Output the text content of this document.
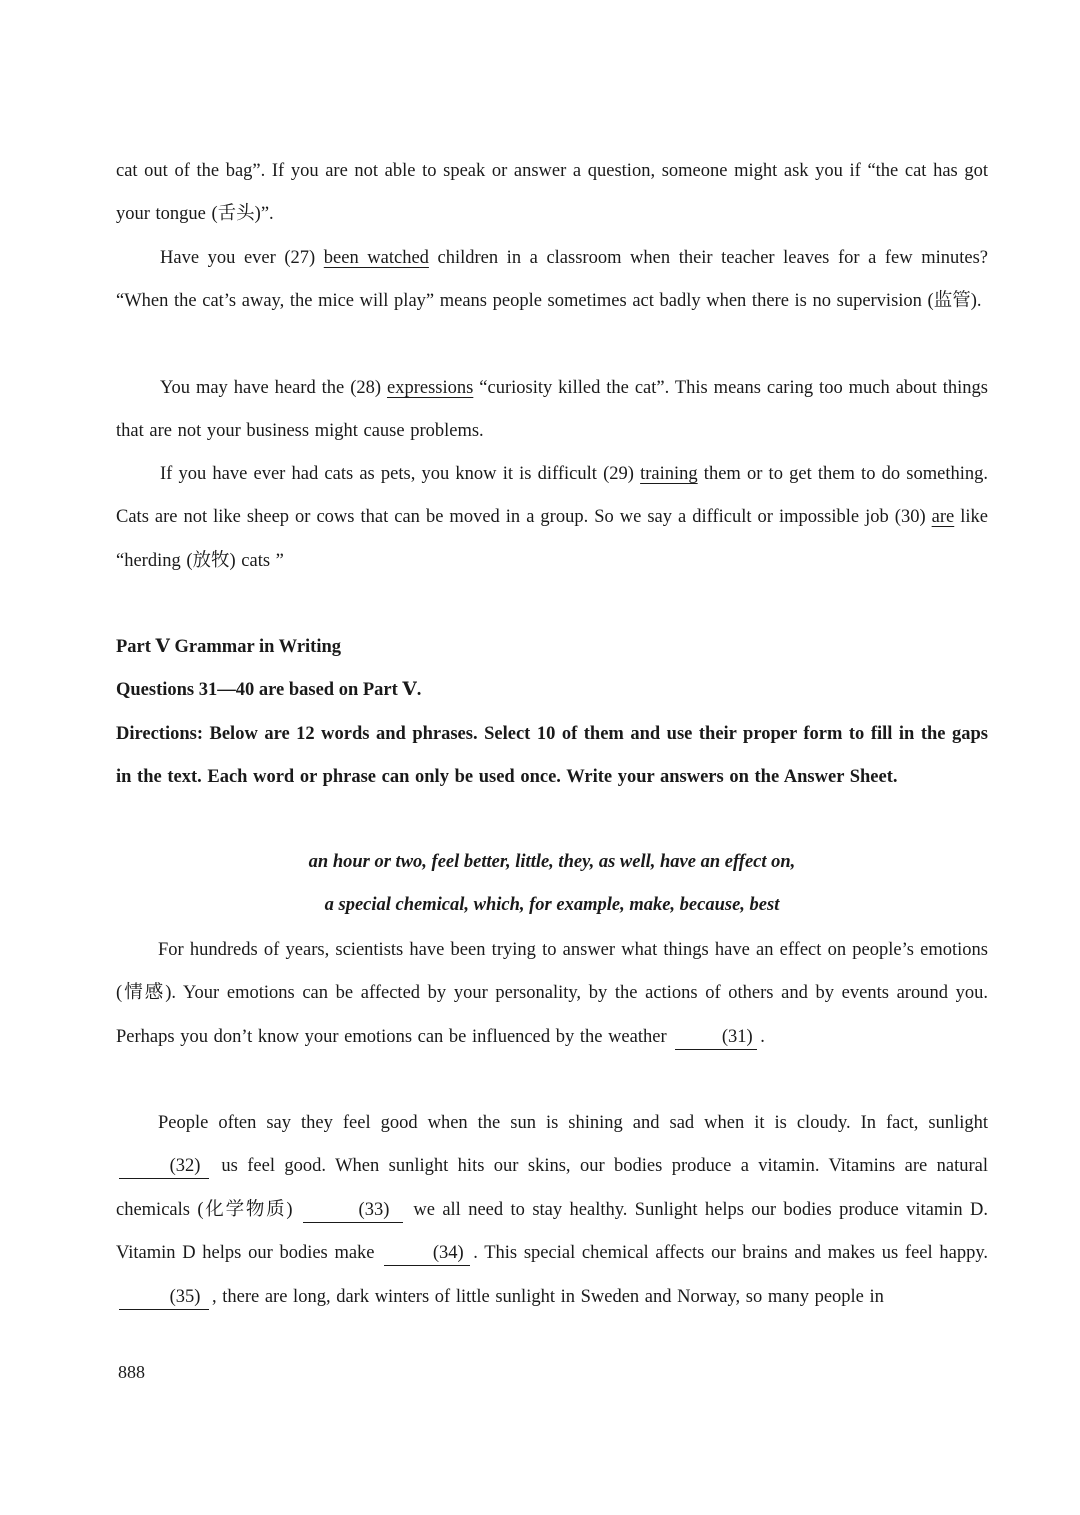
cat out of the bag”. If you are not able to speak or answer a question, someone might ask you if “the cat has got your tongue (舌头)”.
Have you ever (27) been watched children in a classroom when their teacher leaves for a few minutes? “When the cat’s away, the mice will play” means people sometimes act badly when there is no supervision (监管).
You may have heard the (28) expressions “curiosity killed the cat”. This means caring too much about things that are not your business might cause problems.
If you have ever had cats as pets, you know it is difficult (29) training them or to get them to do something. Cats are not like sheep or cows that can be moved in a group. So we say a difficult or impossible job (30) are like “herding (放牧) cats ”
Part Ⅴ Grammar in Writing
Questions 31—40 are based on Part Ⅴ.
Directions: Below are 12 words and phrases. Select 10 of them and use their proper form to fill in the gaps in the text. Each word or phrase can only be used once. Write your answers on the Answer Sheet.
an hour or two, feel better, little, they, as well, have an effect on,
a special chemical, which, for example, make, because, best
For hundreds of years, scientists have been trying to answer what things have an effect on people’s emotions (情感). Your emotions can be affected by your personality, by the actions of others and by events around you. Perhaps you don’t know your emotions can be influenced by the weather	(31) .
People often say they feel good when the sun is shining and sad when it is cloudy. In fact, sunlight (32) us feel good. When sunlight hits our skins, our bodies produce a vitamin. Vitamins are natural chemicals (化学物质)	(33) we all need to stay healthy. Sunlight helps our bodies produce vitamin D. Vitamin D helps our bodies make	(34) . This special chemical affects our brains and makes us feel happy. (35) , there are long, dark winters of little sunlight in Sweden and Norway, so many people in
888
